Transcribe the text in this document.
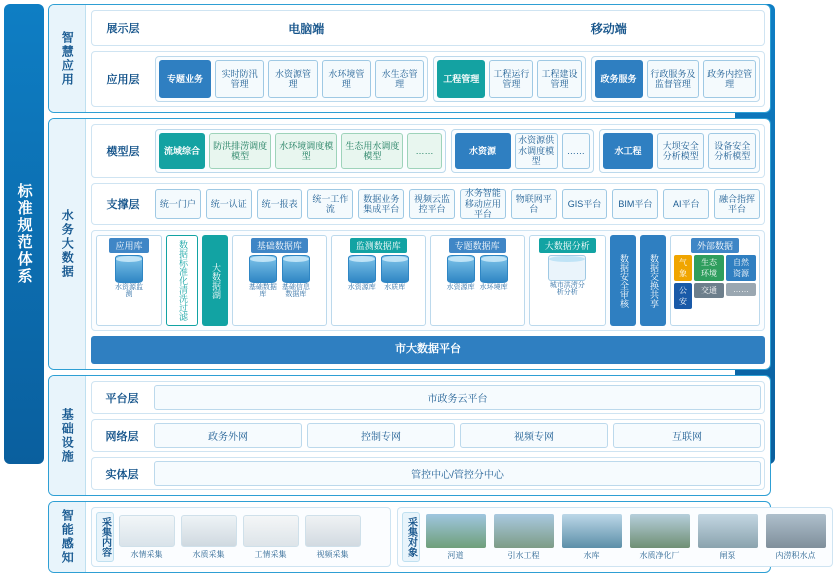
标准规范体系
智慧应用
展示层	电脑端	移动端
应用层	专题业务
实时防汛管理
水资源管理
水环境管理
水生态管理
工程管理
工程运行管理
工程建设管理
政务服务
行政服务及监督管理
政务内控管理
水务大数据
模型层	流域综合
防洪排涝调度模型
水环境调度模型
生态用水调度模型
……	水资源
水资源供水调度模型
……	水工程
大坝安全分析模型
设备安全分析模型
支撑层	统一门户	统一认证	统一报表
统一工作流
数据业务集成平台
视频云监控平台
水务智能移动应用平台
物联网平台
GIS平台	BIM平台	AI平台
融合指挥平台
应用库
水资源监测	数据标准化清洗过滤	大数据湖
基础数据库
基础数据库
基础信息数据库
监测数据库
水资源库 水质库
专题数据库
水资源库 水环境库
大数据分析
城市洪涝分析分析	数据安全审核	数据交换共享
外部数据
气象
公安
生态环境
交通
自然资源
……
市大数据平台
基础设施
平台层	市政务云平台
网络层	政务外网	控制专网	视频专网	互联网
实体层	管控中心/管控分中心
智能感知	采集内容	水情采集	水质采集	工情采集	视频采集	采集对象	河道	引水工程	水库	水质净化厂	闸泵	内涝积水点
